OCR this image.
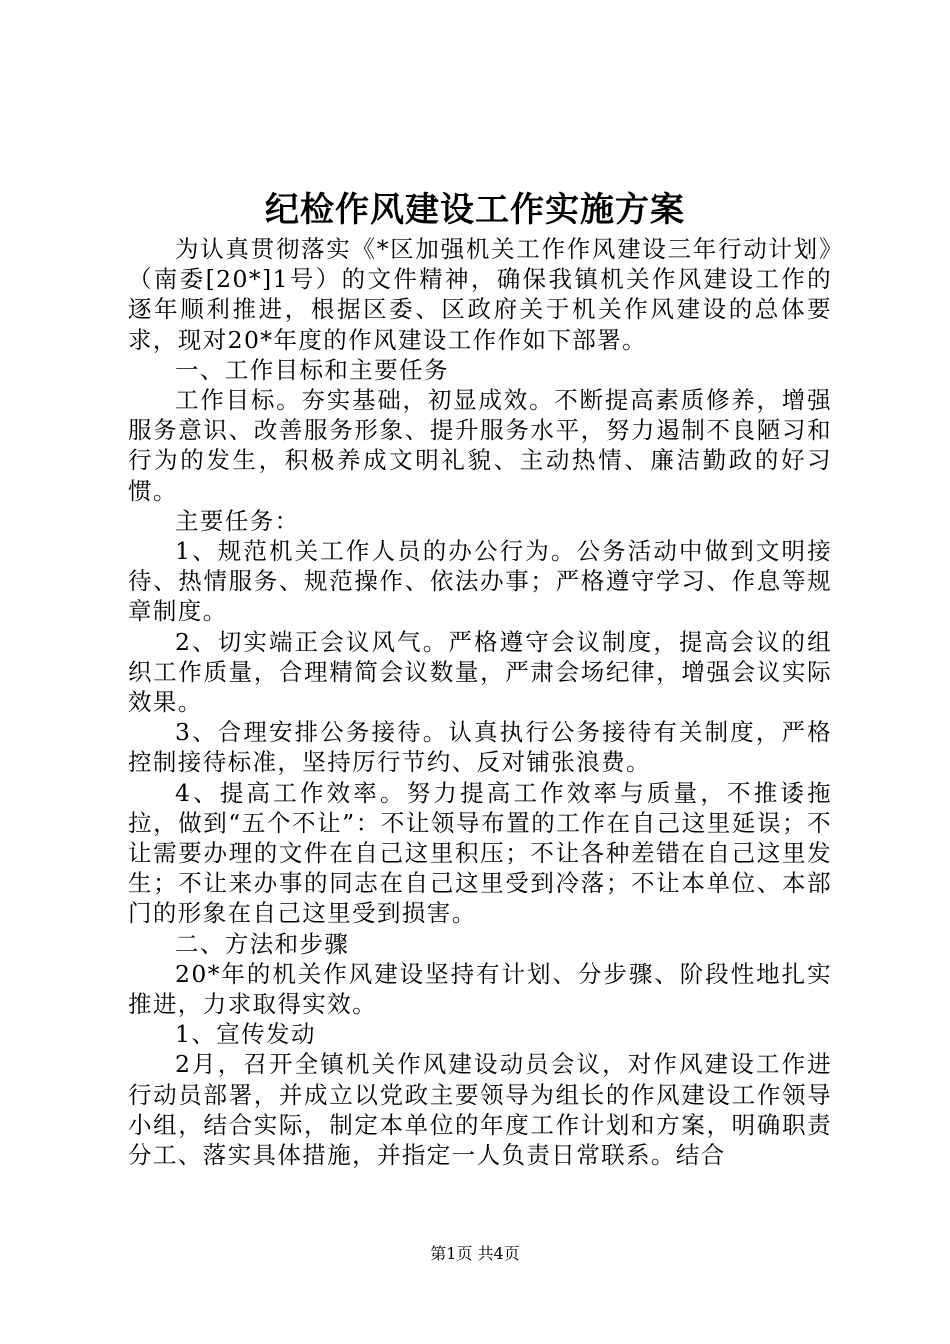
纪检作风建设工作实施方案

为认真贯彻落实《*区加强机关工作作风建设三年行动计划》（南委[20*]1号）的文件精神，确保我镇机关作风建设工作的逐年顺利推进，根据区委、区政府关于机关作风建设的总体要求，现对20*年度的作风建设工作作如下部署。

一、工作目标和主要任务

工作目标。夯实基础，初显成效。不断提高素质修养，增强服务意识、改善服务形象、提升服务水平，努力遏制不良陋习和行为的发生，积极养成文明礼貌、主动热情、廉洁勤政的好习惯。

主要任务：

1、规范机关工作人员的办公行为。公务活动中做到文明接待、热情服务、规范操作、依法办事；严格遵守学习、作息等规章制度。

2、切实端正会议风气。严格遵守会议制度，提高会议的组织工作质量，合理精简会议数量，严肃会场纪律，增强会议实际效果。

3、合理安排公务接待。认真执行公务接待有关制度，严格控制接待标准，坚持厉行节约、反对铺张浪费。

4、提高工作效率。努力提高工作效率与质量，不推诿拖拉，做到“五个不让”：不让领导布置的工作在自己这里延误；不让需要办理的文件在自己这里积压；不让各种差错在自己这里发生；不让来办事的同志在自己这里受到冷落；不让本单位、本部门的形象在自己这里受到损害。

二、方法和步骤

20*年的机关作风建设坚持有计划、分步骤、阶段性地扎实推进，力求取得实效。

1、宣传发动

2月，召开全镇机关作风建设动员会议，对作风建设工作进行动员部署，并成立以党政主要领导为组长的作风建设工作领导小组，结合实际，制定本单位的年度工作计划和方案，明确职责分工、落实具体措施，并指定一人负责日常联系。结合

第1页 共4页
